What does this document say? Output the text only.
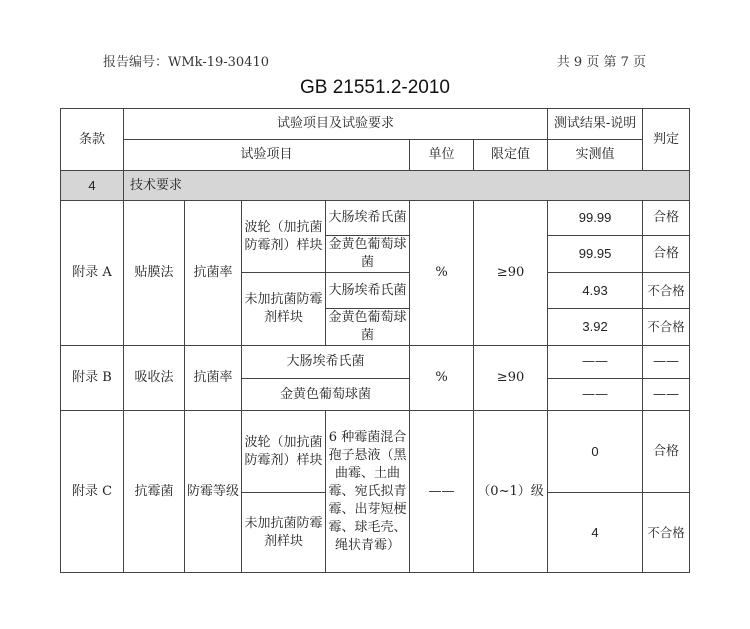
报告编号：WMk-19-30410	共 9 页 第 7 页
GB 21551.2-2010
条款	试验项目及试验要求						测试结果-说明	判定
	试验项目				单位	限定值	实测值	
4	技术要求							
附录 A	贴膜法	抗菌率	波轮（加抗菌防霉剂）样块	大肠埃希氏菌	%	≥90	99.99	合格
				金黄色葡萄球菌			99.95	合格
			未加抗菌防霉剂样块	大肠埃希氏菌			4.93	不合格
				金黄色葡萄球菌			3.92	不合格
附录 B	吸收法	抗菌率	大肠埃希氏菌		%	≥90	——	——
			金黄色葡萄球菌				——	——
附录 C	抗霉菌	防霉等级	波轮（加抗菌防霉剂）样块	6 种霉菌混合孢子悬液（黑曲霉、土曲霉、宛氏拟青霉、出芽短梗霉、球毛壳、绳状青霉）	——	（0~1）级	0	合格
			未加抗菌防霉剂样块				4	不合格
